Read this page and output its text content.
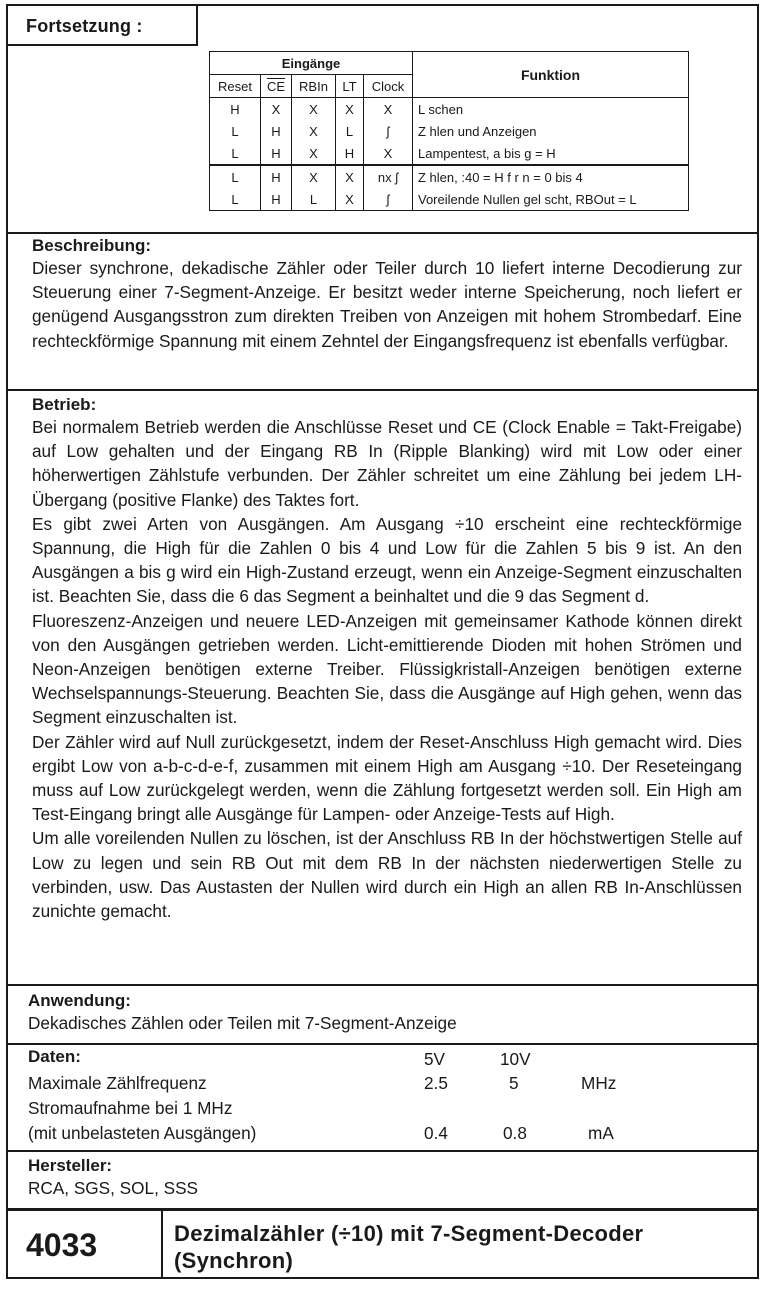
Fortsetzung :
Eingänge					Funktion
Reset	$\overline{CE}$	RBIn	LT	Clock	
H	X	X	X	X	L schen
L	H	X	L	ʃ	Z hlen und Anzeigen
L	H	X	H	X	Lampentest, a bis g = H
L	H	X	X	nx ʃ	Z hlen, :40 = H f r n = 0 bis 4
L	H	L	X	ʃ	Voreilende Nullen gel scht, RBOut = L
Beschreibung:

Dieser synchrone, dekadische Zähler oder Teiler durch 10 liefert interne Decodierung zur Steuerung einer 7-Segment-Anzeige. Er besitzt weder interne Speicherung, noch liefert er genügend Ausgangsstron zum direkten Treiben von Anzeigen mit hohem Strombedarf. Eine rechteckförmige Spannung mit einem Zehntel der Eingangsfrequenz ist ebenfalls verfügbar.

Betrieb:

Bei normalem Betrieb werden die Anschlüsse Reset und CE (Clock Enable = Takt-Freigabe) auf Low gehalten und der Eingang RB In (Ripple Blanking) wird mit Low oder einer höherwertigen Zählstufe verbunden. Der Zähler schreitet um eine Zählung bei jedem LH-Übergang (positive Flanke) des Taktes fort.

Es gibt zwei Arten von Ausgängen. Am Ausgang ÷10 erscheint eine rechteckförmige Spannung, die High für die Zahlen 0 bis 4 und Low für die Zahlen 5 bis 9 ist. An den Ausgängen a bis g wird ein High-Zustand erzeugt, wenn ein Anzeige-Segment einzuschalten ist. Beachten Sie, dass die 6 das Segment a beinhaltet und die 9 das Segment d.

Fluoreszenz-Anzeigen und neuere LED-Anzeigen mit gemeinsamer Kathode können direkt von den Ausgängen getrieben werden. Licht-emittierende Dioden mit hohen Strömen und Neon-Anzeigen benötigen externe Treiber. Flüssigkristall-Anzeigen benötigen externe Wechselspannungs-Steuerung. Beachten Sie, dass die Ausgänge auf High gehen, wenn das Segment einzuschalten ist.

Der Zähler wird auf Null zurückgesetzt, indem der Reset-Anschluss High gemacht wird. Dies ergibt Low von a-b-c-d-e-f, zusammen mit einem High am Ausgang ÷10. Der Reseteingang muss auf Low zurückgelegt werden, wenn die Zählung fortgesetzt werden soll. Ein High am Test-Eingang bringt alle Ausgänge für Lampen- oder Anzeige-Tests auf High.

Um alle voreilenden Nullen zu löschen, ist der Anschluss RB In der höchstwertigen Stelle auf Low zu legen und sein RB Out mit dem RB In der nächsten niederwertigen Stelle zu verbinden, usw. Das Austasten der Nullen wird durch ein High an allen RB In-Anschlüssen zunichte gemacht.

Anwendung:
Dekadisches Zählen oder Teilen mit 7-Segment-Anzeige
Daten:	5V	10V
Maximale Zählfrequenz	2.5	5	MHz
Stromaufnahme bei 1 MHz
(mit unbelasteten Ausgängen)	0.4	0.8	mA
Hersteller:
RCA, SGS, SOL, SSS
4033	Dezimalzähler (÷10) mit 7-Segment-Decoder
(Synchron)
